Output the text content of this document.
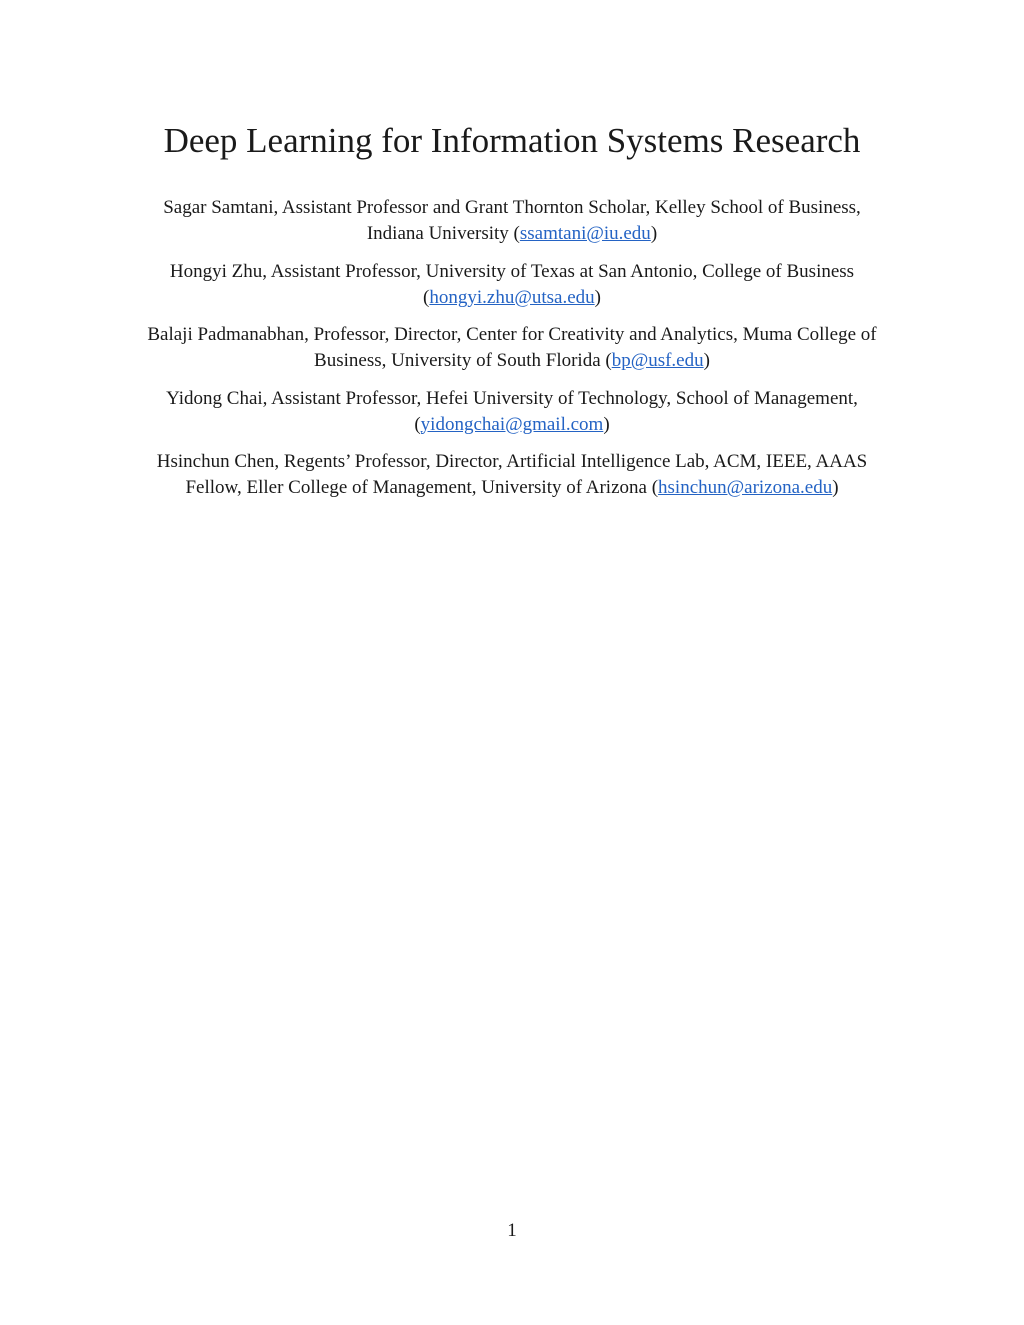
Deep Learning for Information Systems Research

Sagar Samtani, Assistant Professor and Grant Thornton Scholar, Kelley School of Business,
Indiana University (ssamtani@iu.edu)

Hongyi Zhu, Assistant Professor, University of Texas at San Antonio, College of Business
(hongyi.zhu@utsa.edu)

Balaji Padmanabhan, Professor, Director, Center for Creativity and Analytics, Muma College of
Business, University of South Florida (bp@usf.edu)

Yidong Chai, Assistant Professor, Hefei University of Technology, School of Management,
(yidongchai@gmail.com)

Hsinchun Chen, Regents’ Professor, Director, Artificial Intelligence Lab, ACM, IEEE, AAAS
Fellow, Eller College of Management, University of Arizona (hsinchun@arizona.edu)

1
